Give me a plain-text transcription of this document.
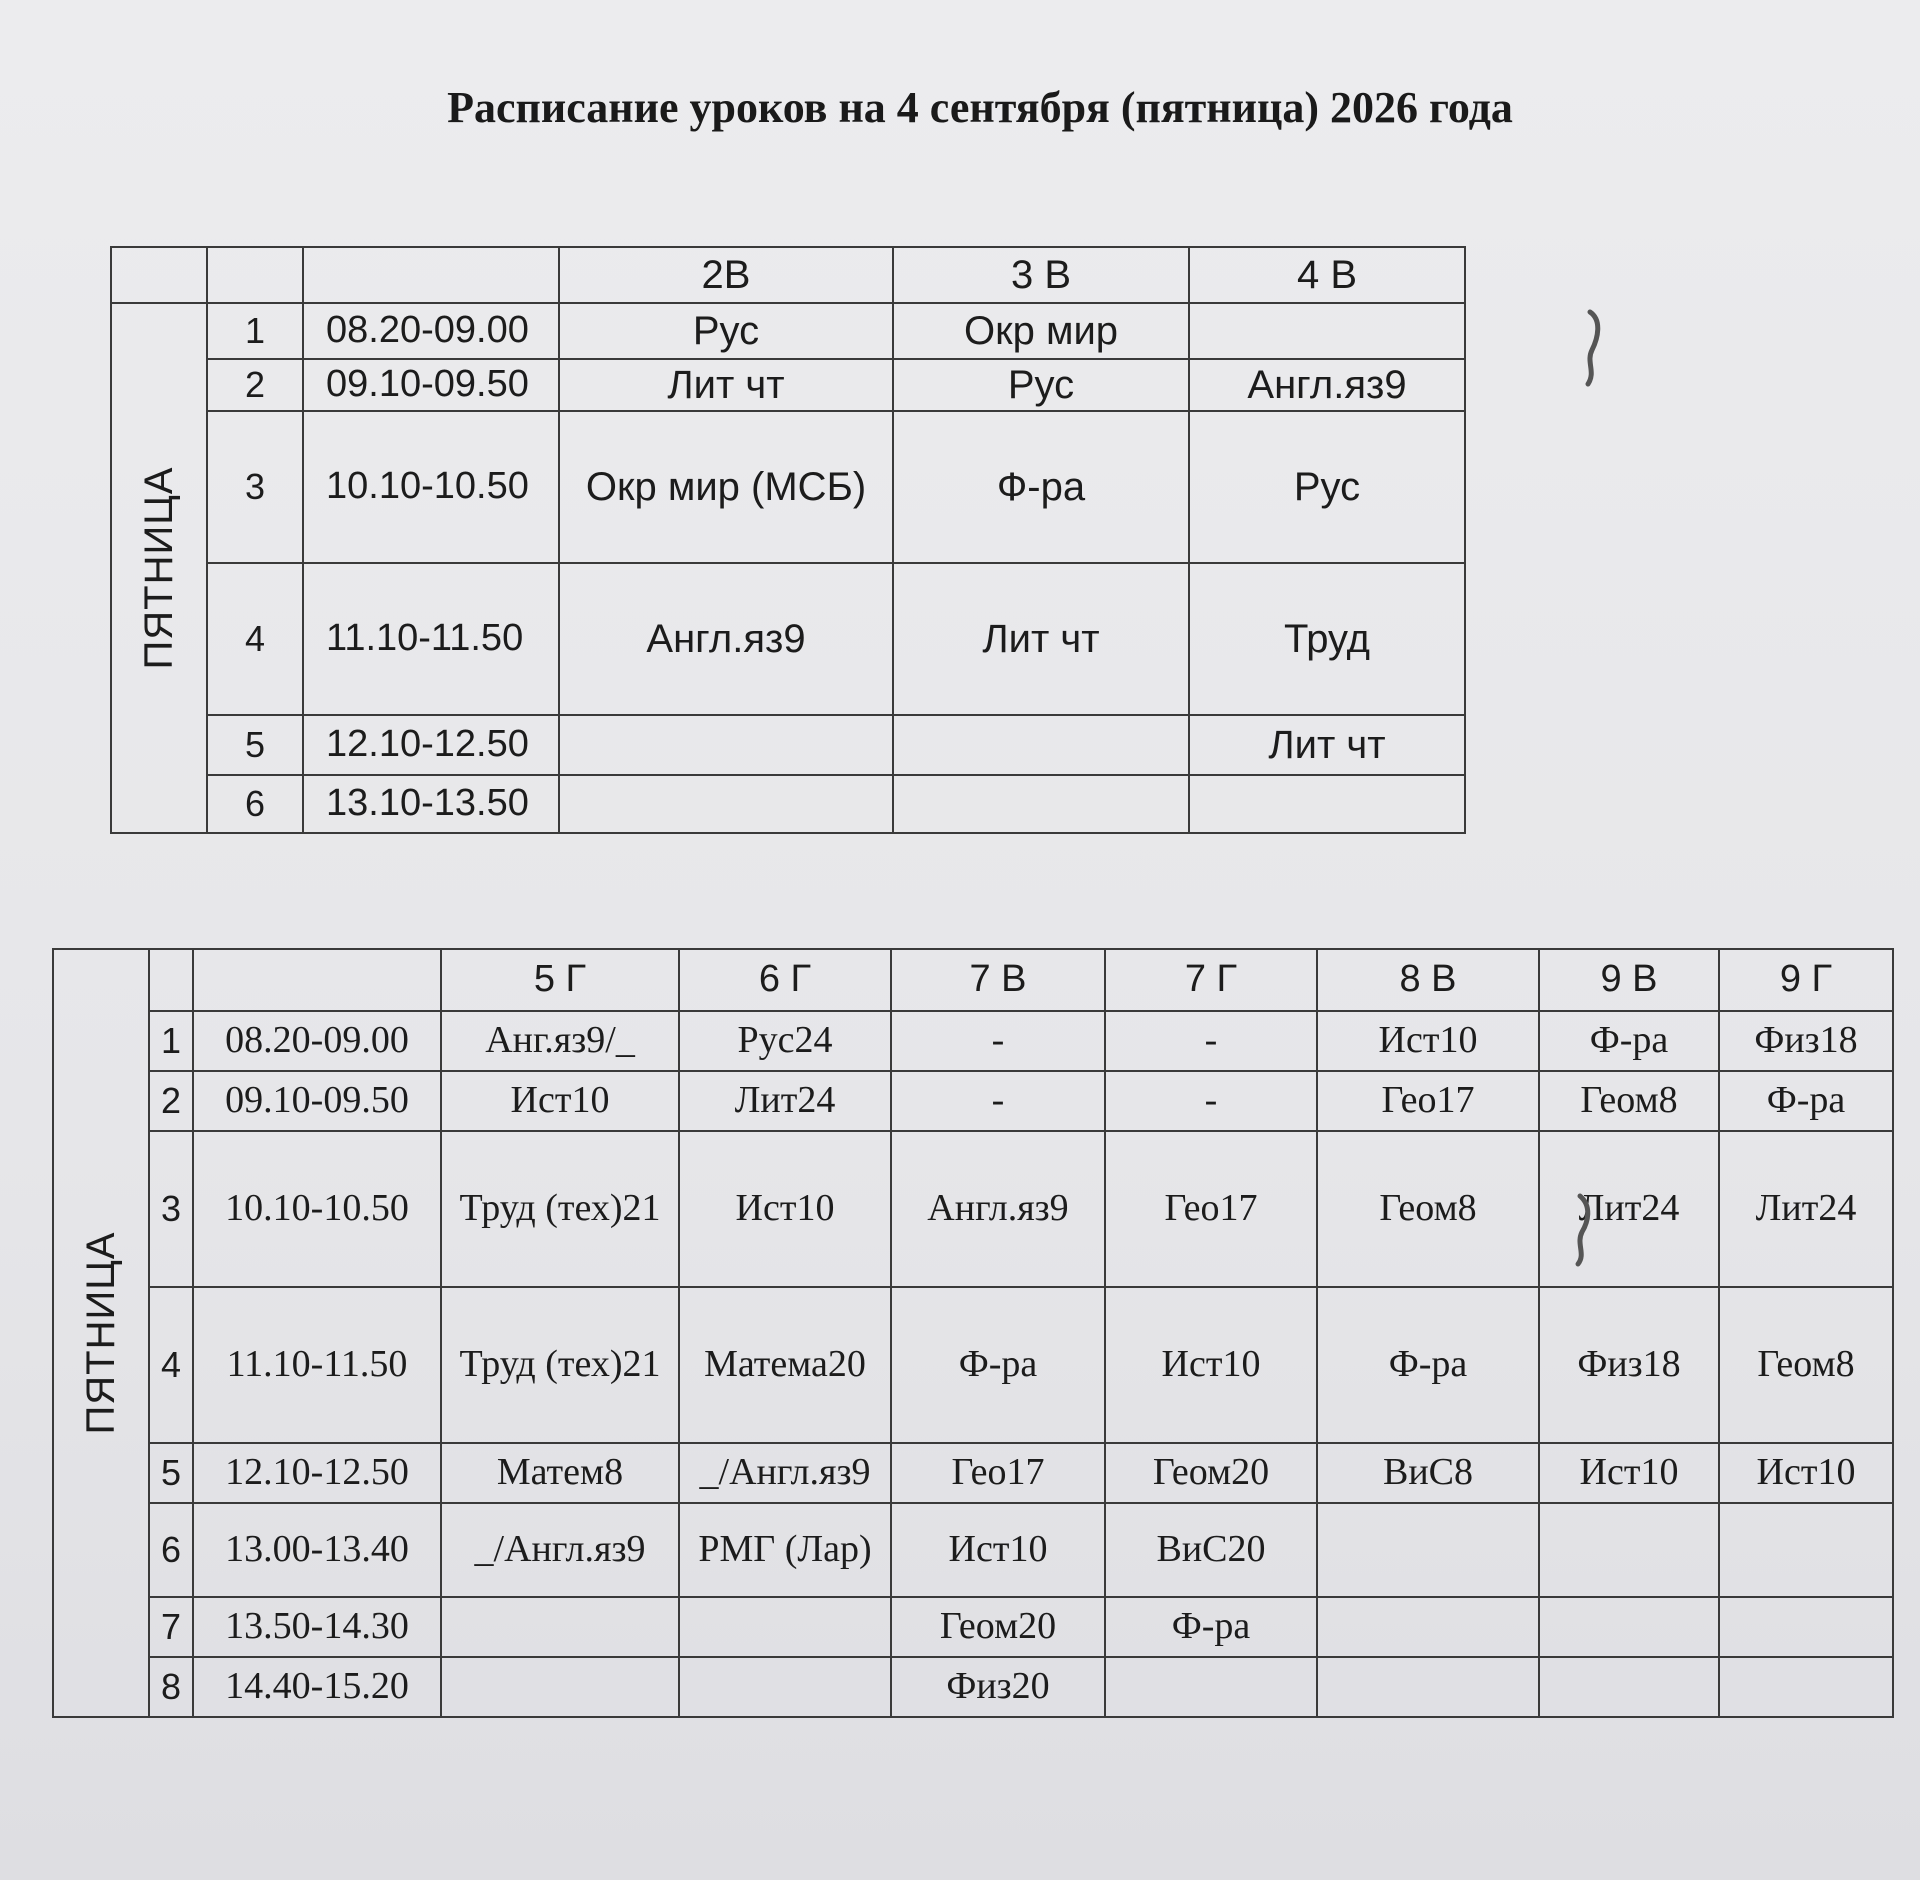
Расписание уроков на 4 сентября (пятница) 2026 года
			2В	3 В	4 В

ПЯТНИЦА	1	08.20-09.00	Рус	Окр мир	
	2	09.10-09.50	Лит чт	Рус	Англ.яз9
	3	10.10-10.50	Окр мир (МСБ)	Ф-ра	Рус
	4	11.10-11.50	Англ.яз9	Лит чт	Труд
	5	12.10-12.50			Лит чт
	6	13.10-13.50			
ПЯТНИЦА			5 Г	6 Г	7 В	7 Г	8 В	9 В	9 Г
	1	08.20-09.00	Анг.яз9/_	Рус24	-	-	Ист10	Ф-ра	Физ18
	2	09.10-09.50	Ист10	Лит24	-	-	Гео17	Геом8	Ф-ра
	3	10.10-10.50	Труд (тех)21	Ист10	Англ.яз9	Гео17	Геом8	Лит24	Лит24
	4	11.10-11.50	Труд (тех)21	Матема20	Ф-ра	Ист10	Ф-ра	Физ18	Геом8
	5	12.10-12.50	Матем8	_/Англ.яз9	Гео17	Геом20	ВиС8	Ист10	Ист10
	6	13.00-13.40	_/Англ.яз9	РМГ (Лар)	Ист10	ВиС20			
	7	13.50-14.30			Геом20	Ф-ра			
	8	14.40-15.20			Физ20				
